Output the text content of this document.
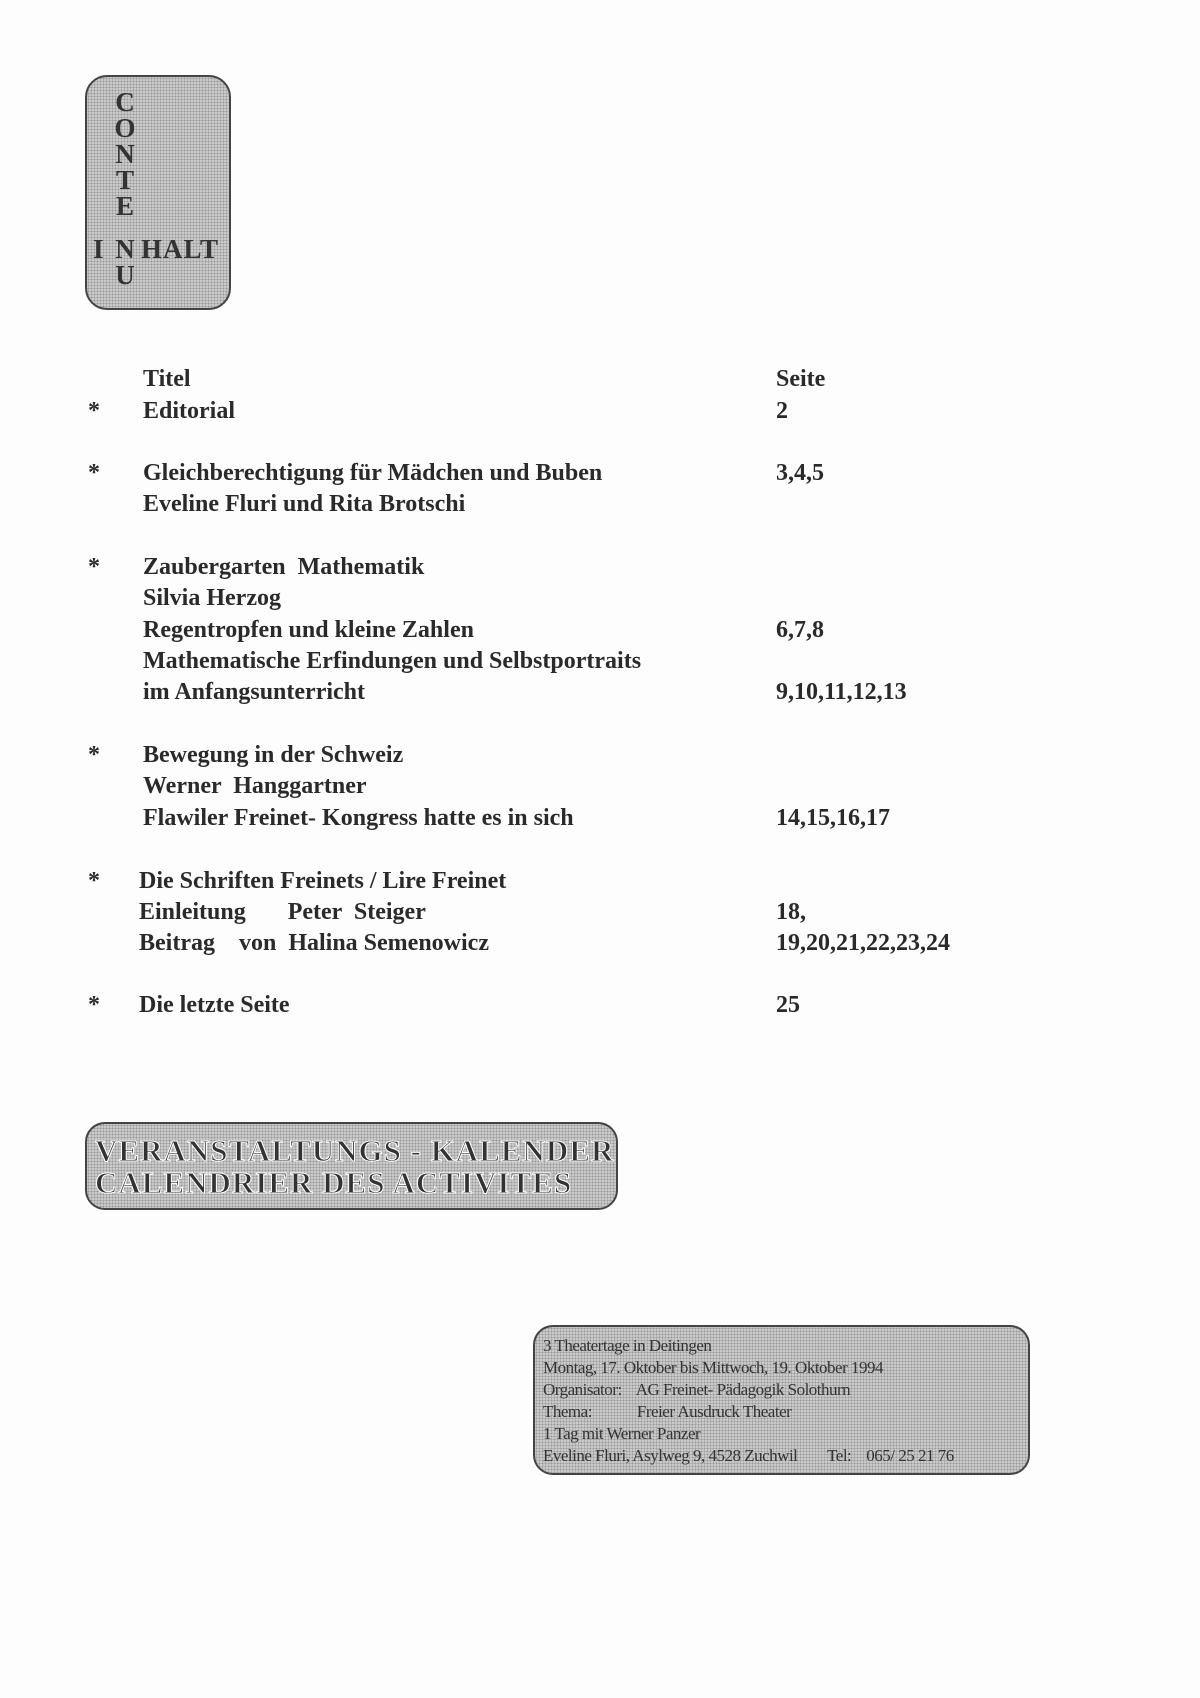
C
O
N
T
E
N
U
I HALT
Titel	Seite
* Editorial	2
* Gleichberechtigung für Mädchen und Buben	3,4,5
Eveline Fluri und Rita Brotschi
* Zaubergarten  Mathematik
Silvia Herzog
Regentropfen und kleine Zahlen	6,7,8
Mathematische Erfindungen und Selbstportraits
im Anfangsunterricht	9,10,11,12,13
* Bewegung in der Schweiz
Werner  Hanggartner
Flawiler Freinet- Kongress hatte es in sich	14,15,16,17
* Die Schriften Freinets / Lire Freinet
Einleitung       Peter  Steiger	18,
Beitrag    von  Halina Semenowicz	19,20,21,22,23,24
* Die letzte Seite	25
VERANSTALTUNGS - KALENDER
CALENDRIER DES ACTIVITES
3 Theatertage in Deitingen
Montag, 17. Oktober bis Mittwoch, 19. Oktober 1994
Organisator:    AG Freinet- Pädagogik Solothurn
Thema:            Freier Ausdruck Theater
1 Tag mit Werner Panzer
Eveline Fluri, Asylweg 9, 4528 Zuchwil        Tel:    065/ 25 21 76
